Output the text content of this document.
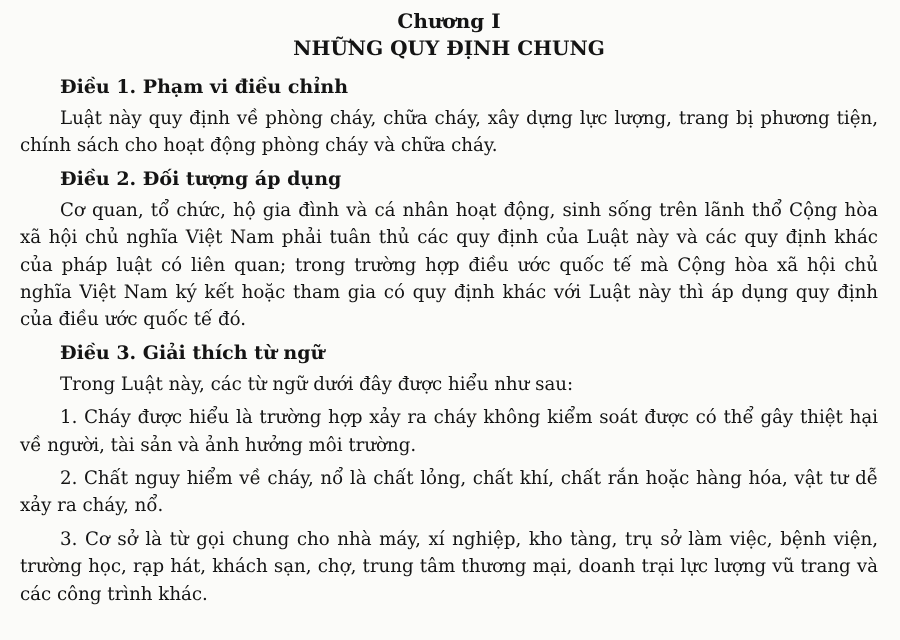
Chương I
NHỮNG QUY ĐỊNH CHUNG
Điều 1. Phạm vi điều chỉnh

Luật này quy định về phòng cháy, chữa cháy, xây dựng lực lượng, trang bị phương tiện, chính sách cho hoạt động phòng cháy và chữa cháy.

Điều 2. Đối tượng áp dụng

Cơ quan, tổ chức, hộ gia đình và cá nhân hoạt động, sinh sống trên lãnh thổ Cộng hòa xã hội chủ nghĩa Việt Nam phải tuân thủ các quy định của Luật này và các quy định khác của pháp luật có liên quan; trong trường hợp điều ước quốc tế mà Cộng hòa xã hội chủ nghĩa Việt Nam ký kết hoặc tham gia có quy định khác với Luật này thì áp dụng quy định của điều ước quốc tế đó.

Điều 3. Giải thích từ ngữ

Trong Luật này, các từ ngữ dưới đây được hiểu như sau:

1. Cháy được hiểu là trường hợp xảy ra cháy không kiểm soát được có thể gây thiệt hại về người, tài sản và ảnh hưởng môi trường.

2. Chất nguy hiểm về cháy, nổ là chất lỏng, chất khí, chất rắn hoặc hàng hóa, vật tư dễ xảy ra cháy, nổ.

3. Cơ sở là từ gọi chung cho nhà máy, xí nghiệp, kho tàng, trụ sở làm việc, bệnh viện, trường học, rạp hát, khách sạn, chợ, trung tâm thương mại, doanh trại lực lượng vũ trang và các công trình khác.
